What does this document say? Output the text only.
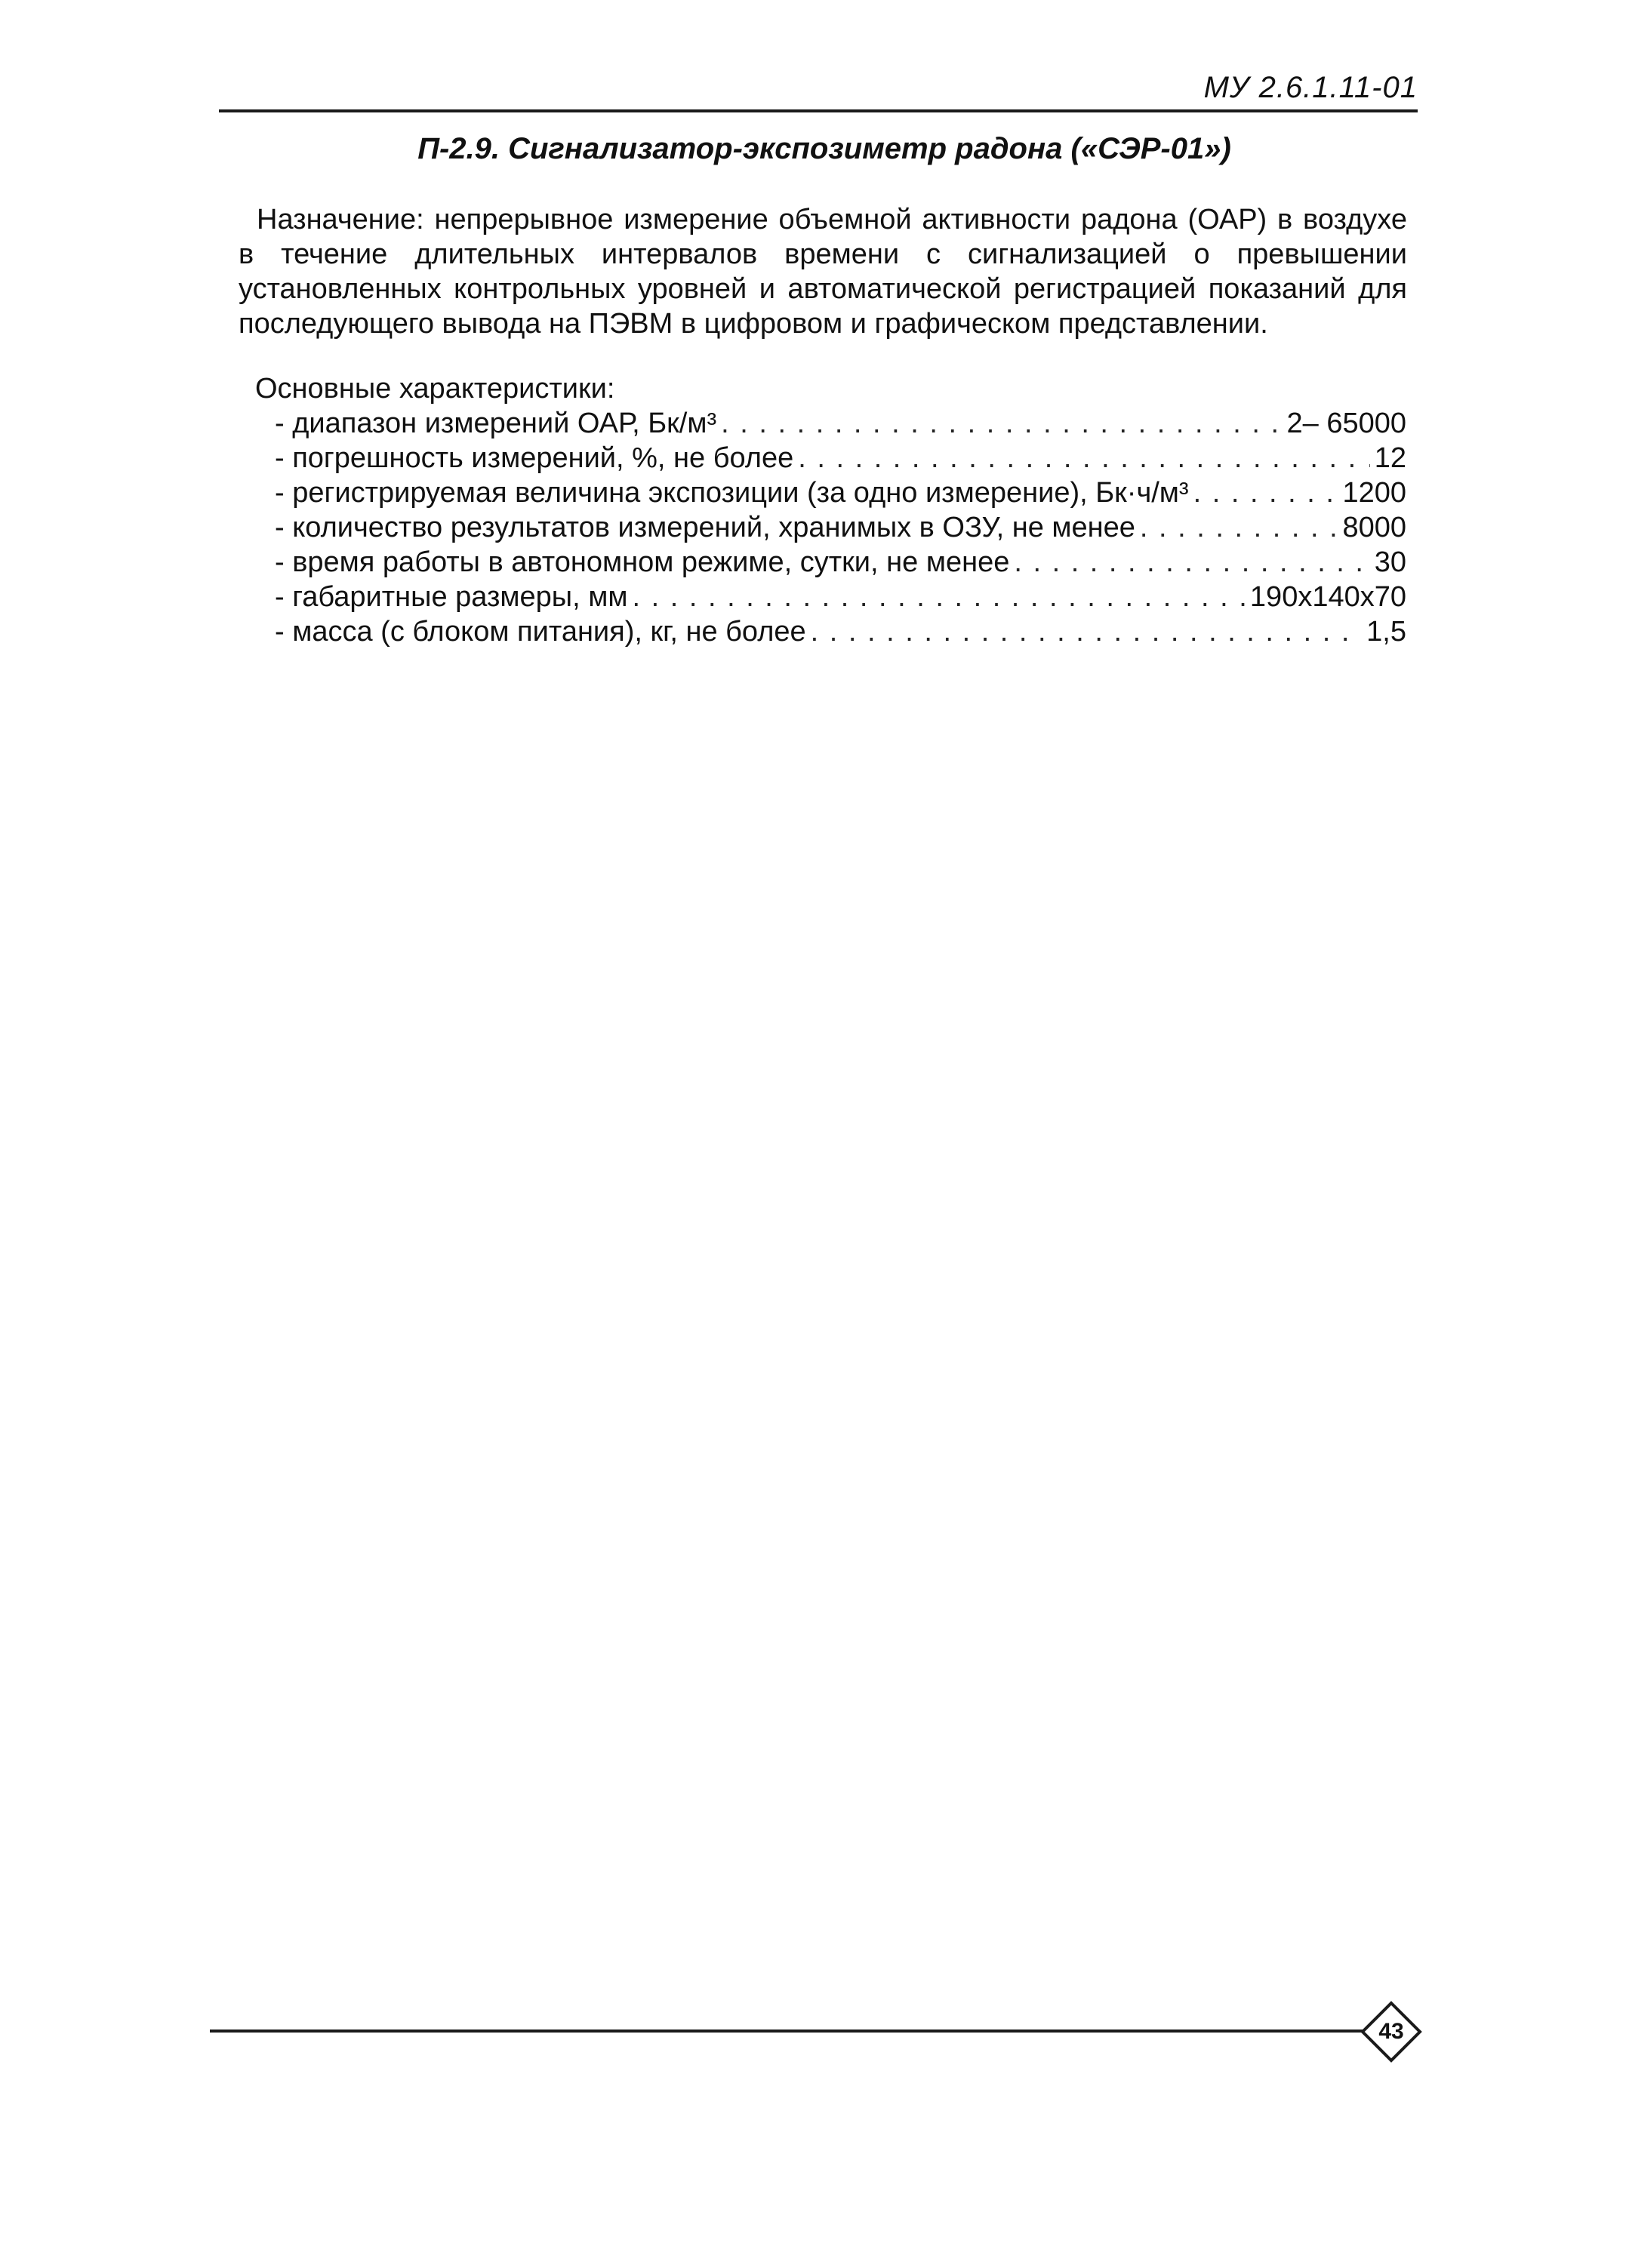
МУ 2.6.1.11-01
П-2.9. Сигнализатор-экспозиметр радона («СЭР-01»)

Назначение: непрерывное измерение объемной активности радона (ОАР) в воздухе в течение длительных интервалов времени с сигнализацией о превышении установленных контрольных уровней и автоматической регистрацией показаний для последующего вывода на ПЭВМ в цифровом и графическом представлении.

Основные характеристики:

- диапазон измерений ОАР, Бк/м³ . . .	2– 65000
- погрешность измерений, %, не более . . .	12
- регистрируемая величина экспозиции (за одно измерение), Бк·ч/м³ . . .	1200
- количество результатов измерений, хранимых в ОЗУ, не менее . . .	8000
- время работы в автономном режиме, сутки, не менее . . .	30
- габаритные размеры, мм . . .	190х140х70
- масса (с блоком питания), кг, не более . . .	1,5
43
